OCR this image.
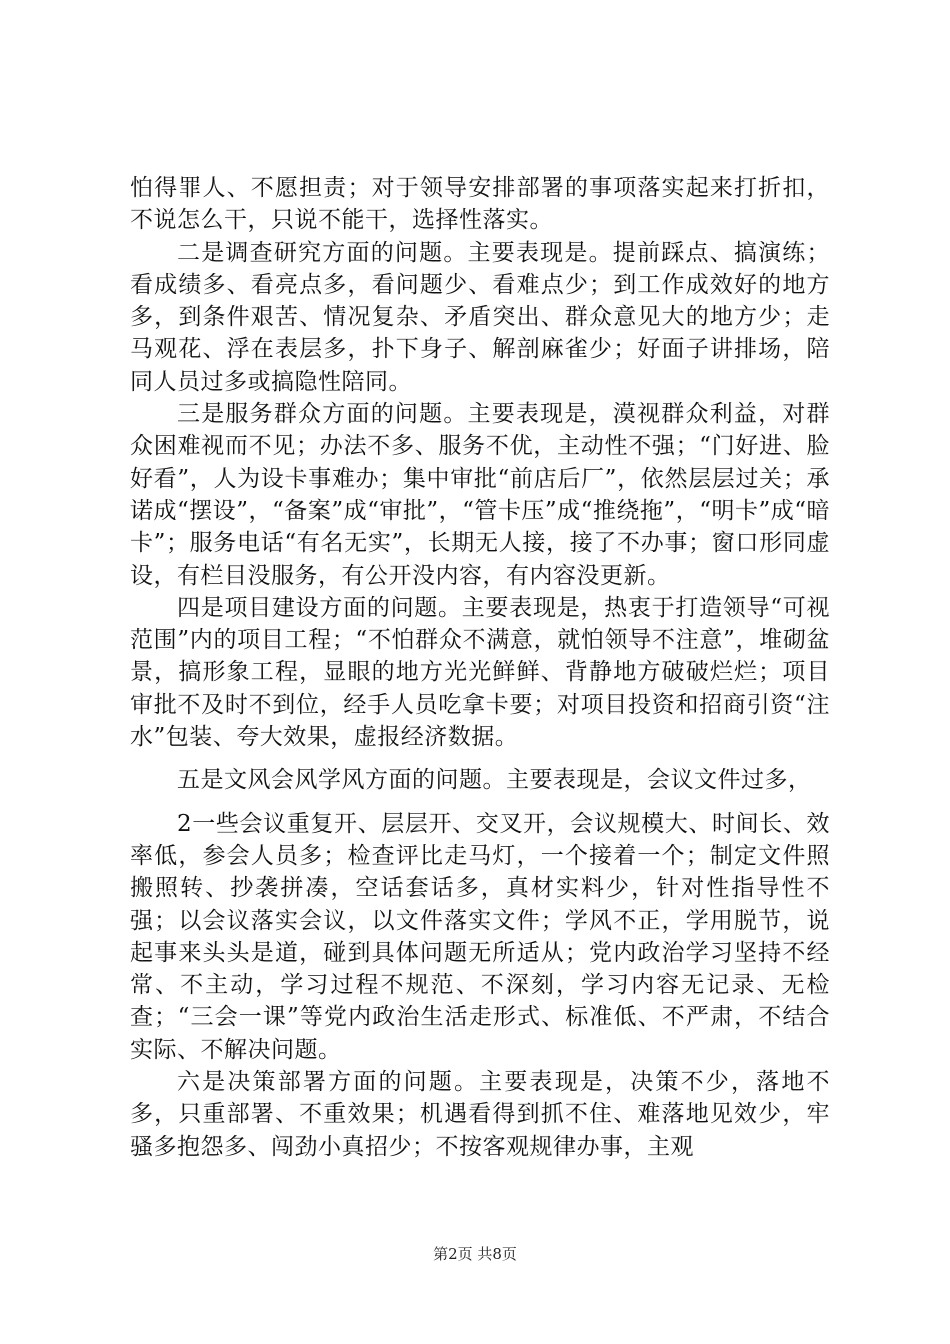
怕得罪人、不愿担责；对于领导安排部署的事项落实起来打折扣，不说怎么干，只说不能干，选择性落实。

二是调查研究方面的问题。主要表现是。提前踩点、搞演练；看成绩多、看亮点多，看问题少、看难点少；到工作成效好的地方多，到条件艰苦、情况复杂、矛盾突出、群众意见大的地方少；走马观花、浮在表层多，扑下身子、解剖麻雀少；好面子讲排场，陪同人员过多或搞隐性陪同。

三是服务群众方面的问题。主要表现是，漠视群众利益，对群众困难视而不见；办法不多、服务不优，主动性不强；“门好进、脸好看”，人为设卡事难办；集中审批“前店后厂”，依然层层过关；承诺成“摆设”，“备案”成“审批”，“管卡压”成“推绕拖”，“明卡”成“暗卡”；服务电话“有名无实”，长期无人接，接了不办事；窗口形同虚设，有栏目没服务，有公开没内容，有内容没更新。

四是项目建设方面的问题。主要表现是，热衷于打造领导“可视范围”内的项目工程；“不怕群众不满意，就怕领导不注意”，堆砌盆景，搞形象工程，显眼的地方光光鲜鲜、背静地方破破烂烂；项目审批不及时不到位，经手人员吃拿卡要；对项目投资和招商引资“注水”包装、夸大效果，虚报经济数据。

五是文风会风学风方面的问题。主要表现是，会议文件过多，

2一些会议重复开、层层开、交叉开，会议规模大、时间长、效率低，参会人员多；检查评比走马灯，一个接着一个；制定文件照搬照转、抄袭拼凑，空话套话多，真材实料少，针对性指导性不强；以会议落实会议，以文件落实文件；学风不正，学用脱节，说起事来头头是道，碰到具体问题无所适从；党内政治学习坚持不经常、不主动，学习过程不规范、不深刻，学习内容无记录、无检查；“三会一课”等党内政治生活走形式、标准低、不严肃，不结合实际、不解决问题。

六是决策部署方面的问题。主要表现是，决策不少，落地不多，只重部署、不重效果；机遇看得到抓不住、难落地见效少，牢骚多抱怨多、闯劲小真招少；不按客观规律办事，主观

第2页 共8页
